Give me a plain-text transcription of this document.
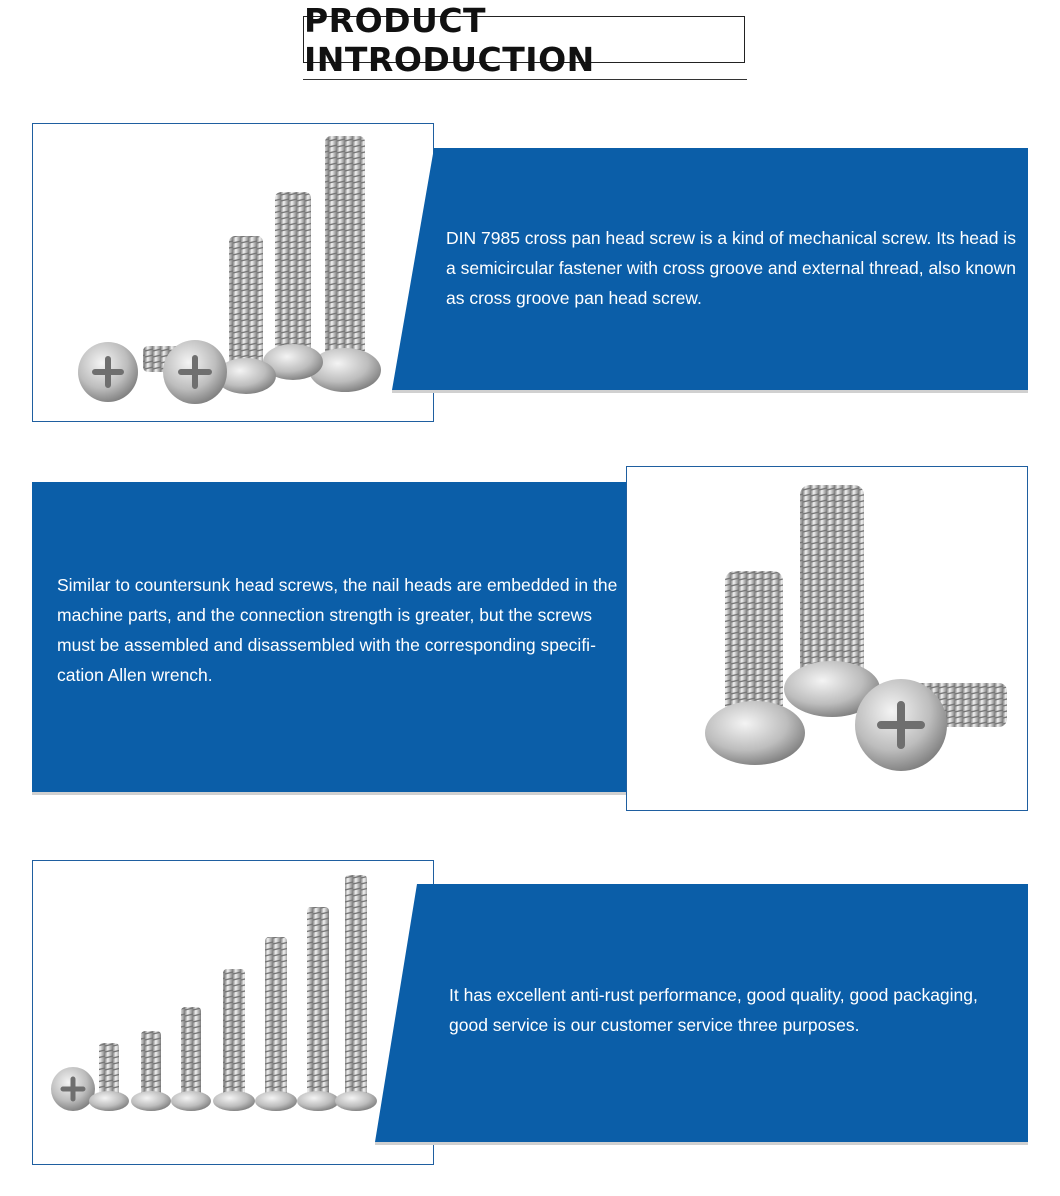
PRODUCT INTRODUCTION
DIN 7985 cross pan head screw is a kind of mechanical screw. Its head is a semicircular fastener with cross groove and external thread, also known as cross groove pan head screw.
Similar to countersunk head screws, the nail heads are embedded in the machine parts, and the connection strength is greater, but the screws must be assembled and disassembled with the corresponding specifi-cation Allen wrench.
It has excellent anti-rust performance, good quality, good packaging, good service is our customer service three purposes.
